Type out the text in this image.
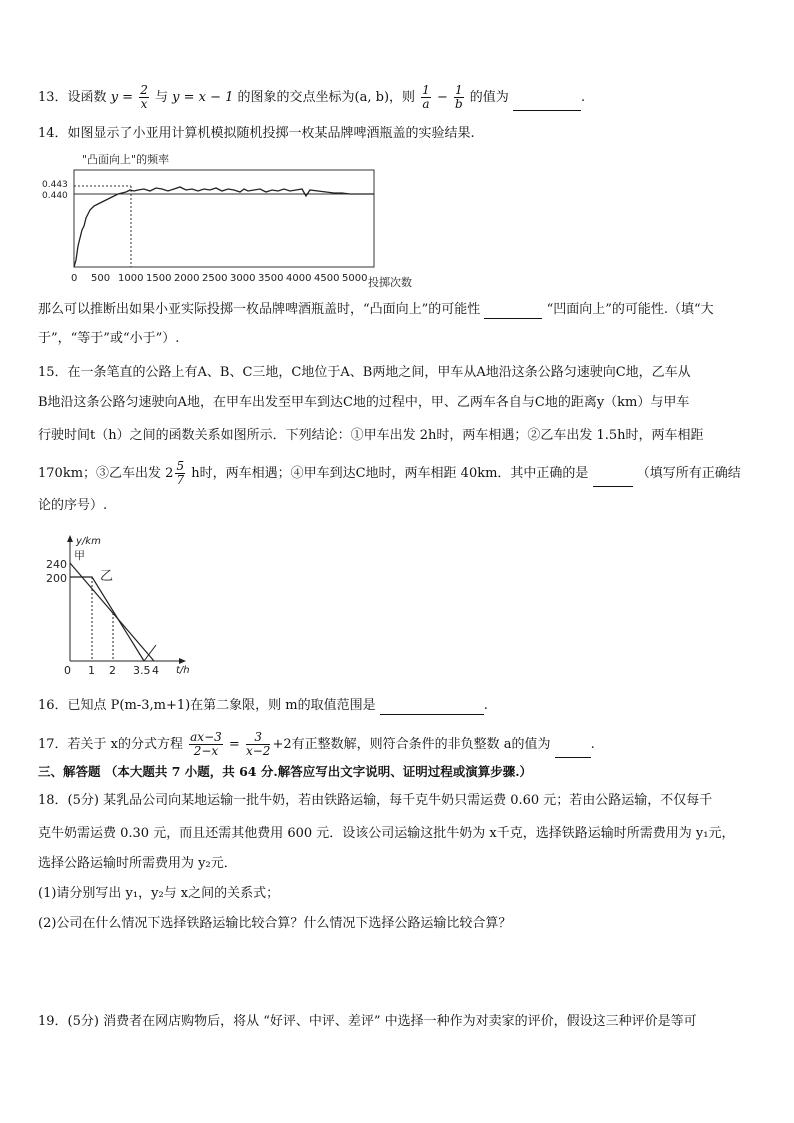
13．设函数 $y = \frac{2}{x}$ 与 y = x − 1 的图象的交点坐标为(a, b)，则 $\frac{1}{a} - \frac{1}{b}$ 的值为	.
14．如图显示了小亚用计算机模拟随机投掷一枚某品牌啤酒瓶盖的实验结果.
"凸面向上"的频率
0.443
0.440
0 500 1000 1500 2000 2500 3000 3500 4000 4500 5000 投掷次数
那么可以推断出如果小亚实际投掷一枚品牌啤酒瓶盖时，“凸面向上”的可能性	“凹面向上”的可能性.（填“大
于”，“等于”或“小于”）.
15．在一条笔直的公路上有A、B、C三地，C地位于A、B两地之间，甲车从A地沿这条公路匀速驶向C地，乙车从
B地沿这条公路匀速驶向A地，在甲车出发至甲车到达C地的过程中，甲、乙两车各自与C地的距离y（km）与甲车
行驶时间t（h）之间的函数关系如图所示．下列结论：①甲车出发 2h时，两车相遇；②乙车出发 1.5h时，两车相距
170km；③乙车出发 $2 \frac{5}{7}$ h时，两车相遇；④甲车到达C地时，两车相距 40km．其中正确的是	（填写所有正确结
论的序号）.
y/km
t/h
甲
乙
240
200
0 1 2 3.5 4
16．已知点 P(m-3,m+1)在第二象限，则 m的取值范围是	.
17．若关于 x的分式方程 $\frac{ax-3}{2-x} = \frac{3}{x-2} +2$有正整数解，则符合条件的非负整数 a的值为	.
三、解答题 （本大题共 7 小题，共 64 分.解答应写出文字说明、证明过程或演算步骤.）
18．(5分) 某乳品公司向某地运输一批牛奶，若由铁路运输，每千克牛奶只需运费 0.60 元；若由公路运输，不仅每千
克牛奶需运费 0.30 元，而且还需其他费用 600 元．设该公司运输这批牛奶为 x千克，选择铁路运输时所需费用为 y₁元，
选择公路运输时所需费用为 y₂元．
(1)请分别写出 y₁，y₂与 x之间的关系式；
(2)公司在什么情况下选择铁路运输比较合算？什么情况下选择公路运输比较合算？
19．(5分) 消费者在网店购物后，将从 “好评、中评、差评” 中选择一种作为对卖家的评价，假设这三种评价是等可
